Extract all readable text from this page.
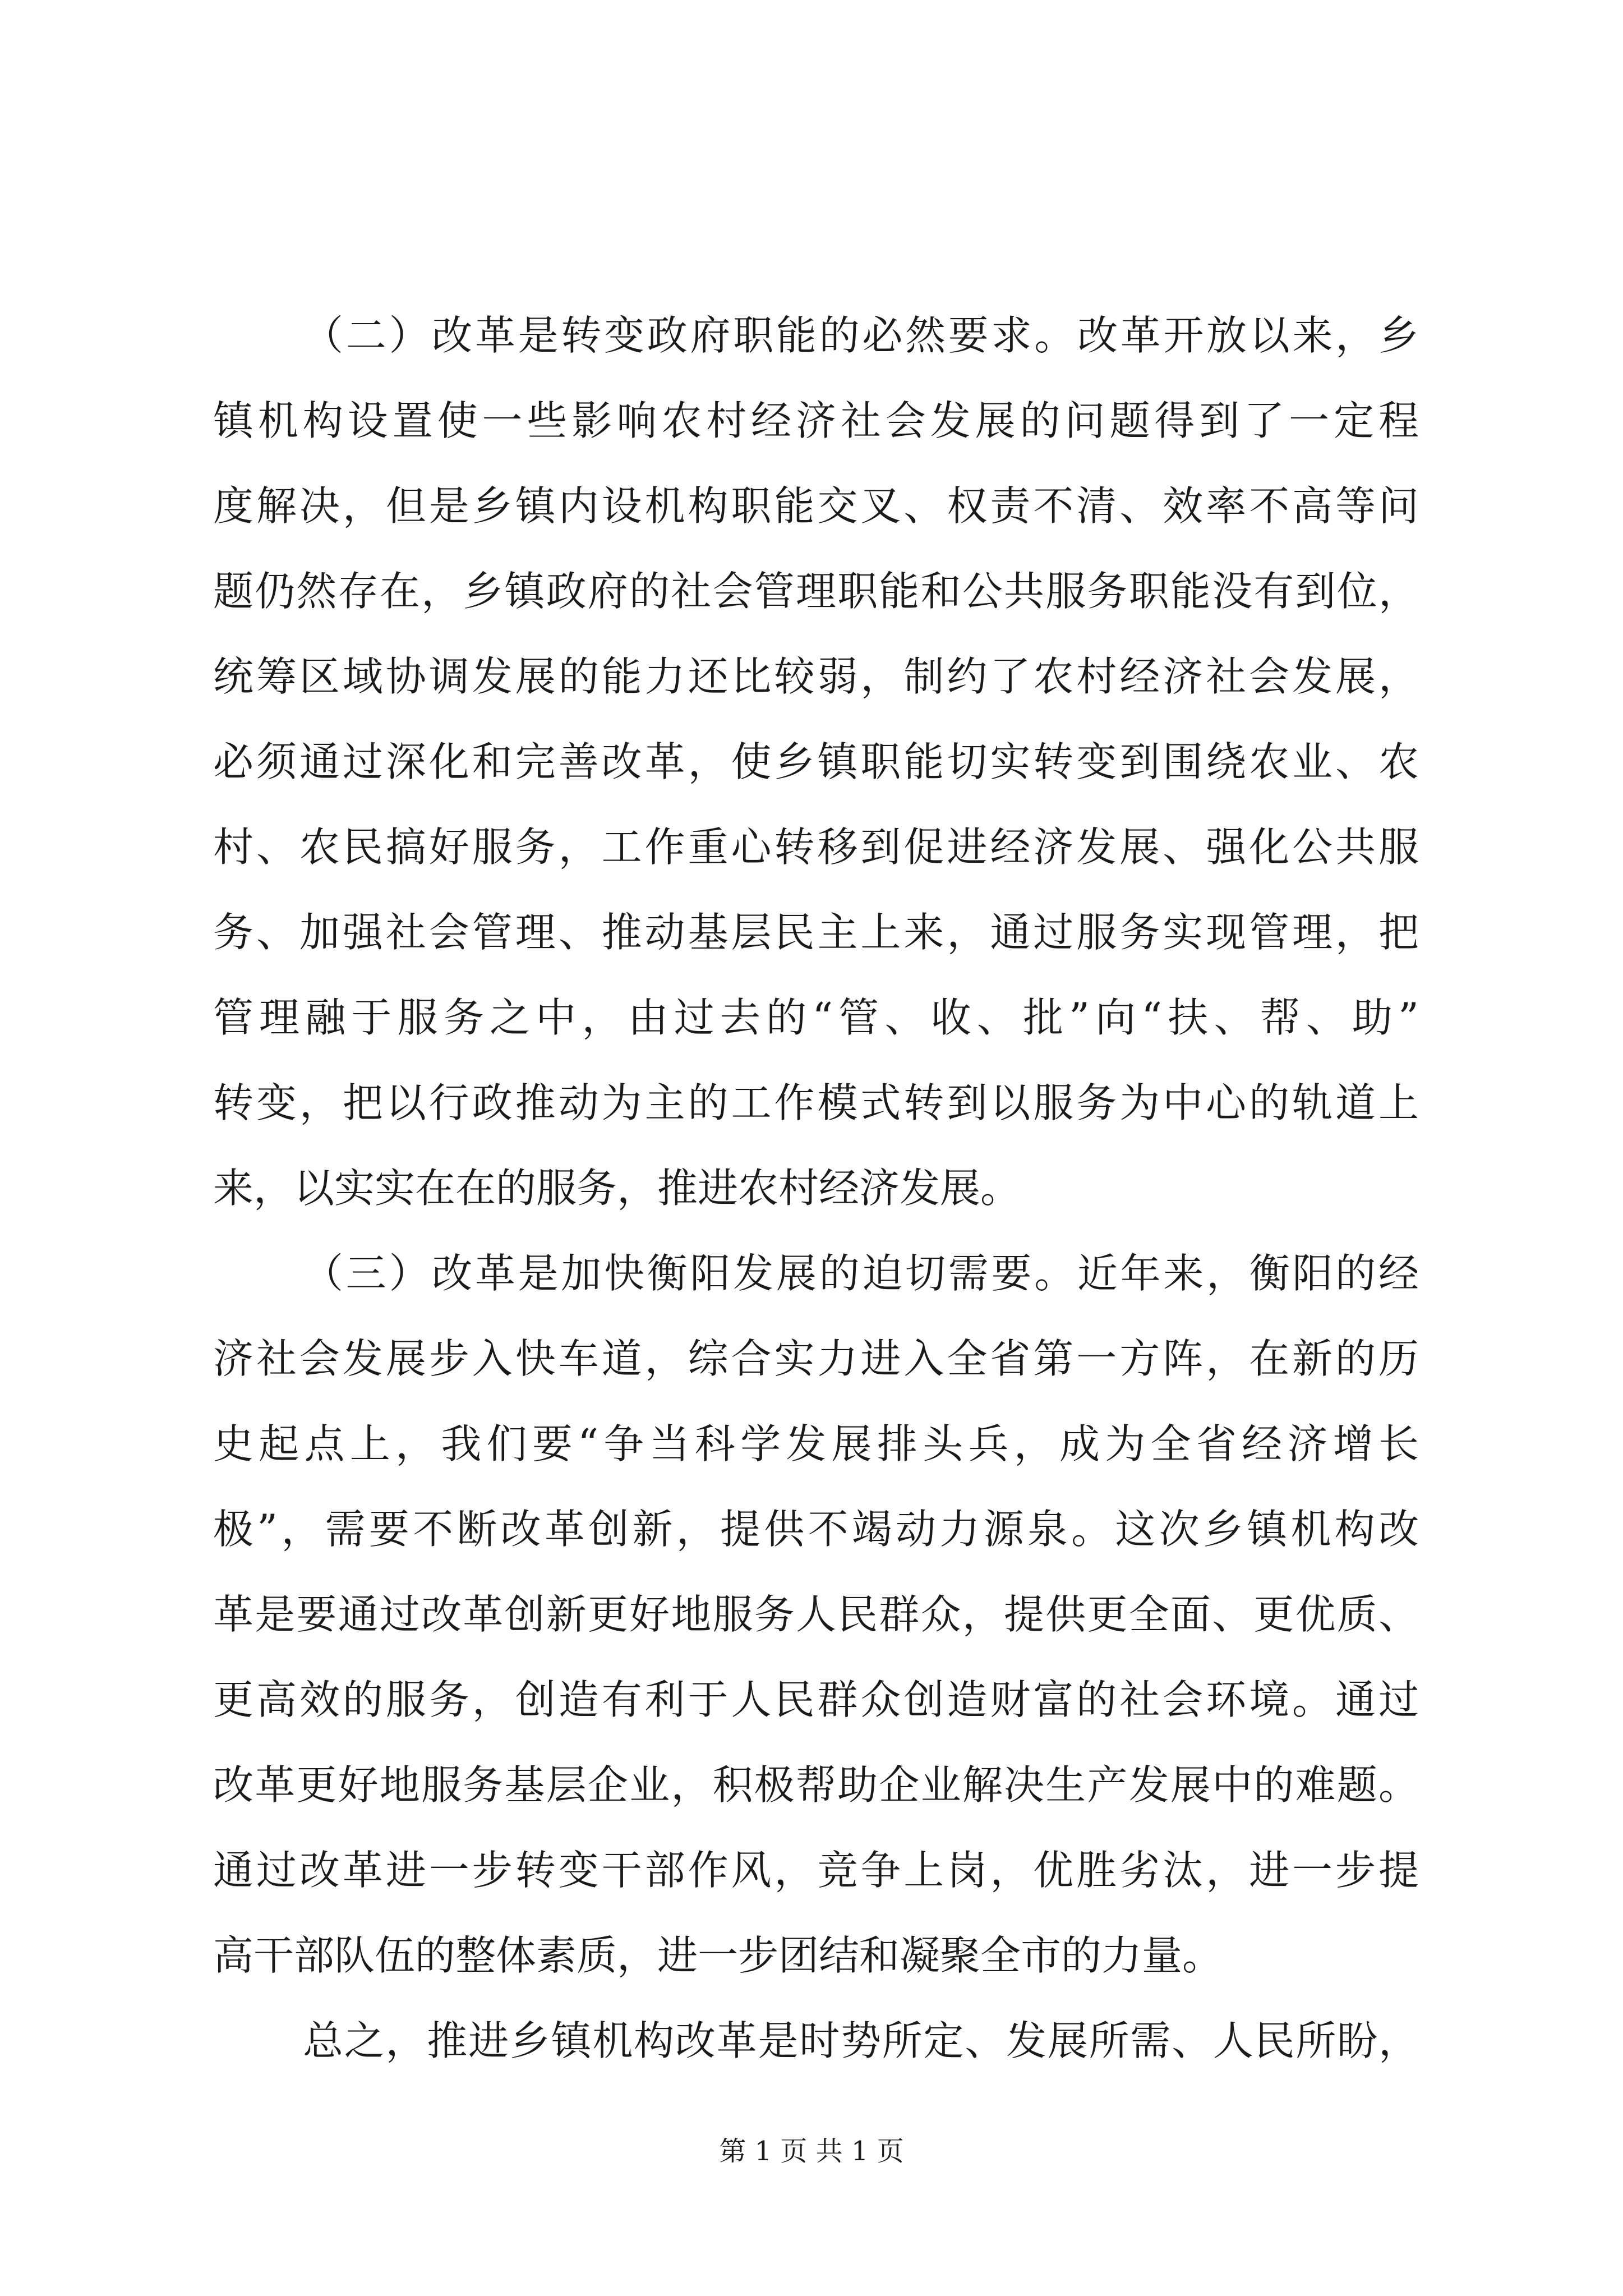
（二）改革是转变政府职能的必然要求。改革开放以来，乡
镇机构设置使一些影响农村经济社会发展的问题得到了一定程
度解决，但是乡镇内设机构职能交叉、权责不清、效率不高等问
题仍然存在，乡镇政府的社会管理职能和公共服务职能没有到位，
统筹区域协调发展的能力还比较弱，制约了农村经济社会发展，
必须通过深化和完善改革，使乡镇职能切实转变到围绕农业、农
村、农民搞好服务，工作重心转移到促进经济发展、强化公共服
务、加强社会管理、推动基层民主上来，通过服务实现管理，把
管理融于服务之中，由过去的“管、收、批”向“扶、帮、助”
转变，把以行政推动为主的工作模式转到以服务为中心的轨道上
来，以实实在在的服务，推进农村经济发展。
（三）改革是加快衡阳发展的迫切需要。近年来，衡阳的经
济社会发展步入快车道，综合实力进入全省第一方阵，在新的历
史起点上，我们要“争当科学发展排头兵，成为全省经济增长
极”，需要不断改革创新，提供不竭动力源泉。这次乡镇机构改
革是要通过改革创新更好地服务人民群众，提供更全面、更优质、
更高效的服务，创造有利于人民群众创造财富的社会环境。通过
改革更好地服务基层企业，积极帮助企业解决生产发展中的难题。
通过改革进一步转变干部作风，竞争上岗，优胜劣汰，进一步提
高干部队伍的整体素质，进一步团结和凝聚全市的力量。
总之，推进乡镇机构改革是时势所定、发展所需、人民所盼，
第 1 页 共 1 页
